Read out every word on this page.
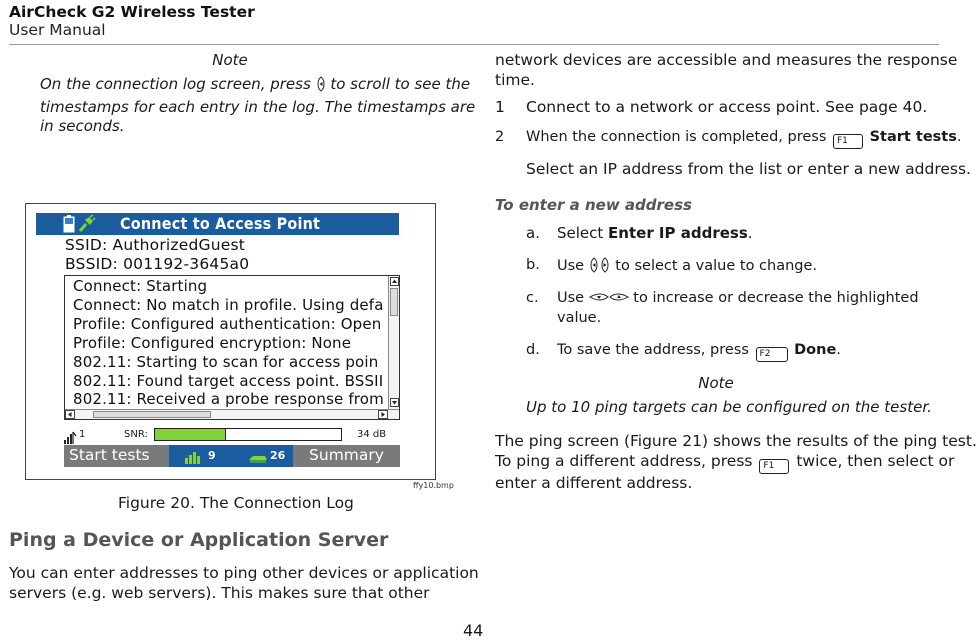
AirCheck G2 Wireless Tester
User Manual
Note
On the connection log screen, press  to scroll to see the
timestamps for each entry in the log. The timestamps are
in seconds.
Connect to Access Point
SSID: AuthorizedGuest
BSSID: 001192-3645a0
Connect: Starting
Connect: No match in profile. Using defa
Profile: Configured authentication: Open
Profile: Configured encryption: None
802.11: Starting to scan for access poin
802.11: Found target access point. BSSII
802.11: Received a probe response from
1	SNR:	34 dB
Start tests	9	26	Summary
ffy10.bmp
Figure 20. The Connection Log
Ping a Device or Application Server
You can enter addresses to ping other devices or application
servers (e.g. web servers). This makes sure that other
network devices are accessible and measures the response
time.
1 Connect to a network or access point. See page 40.
2 When the connection is completed, press F1 Start tests.
Select an IP address from the list or enter a new address.
To enter a new address
a. Select Enter IP address.
b. Use  to select a value to change.
c. Use	to increase or decrease the highlighted
value.
d. To save the address, press F2 Done.
Note
Up to 10 ping targets can be configured on the tester.
The ping screen (Figure 21) shows the results of the ping test.
To ping a different address, press F1 twice, then select or
enter a different address.
44
